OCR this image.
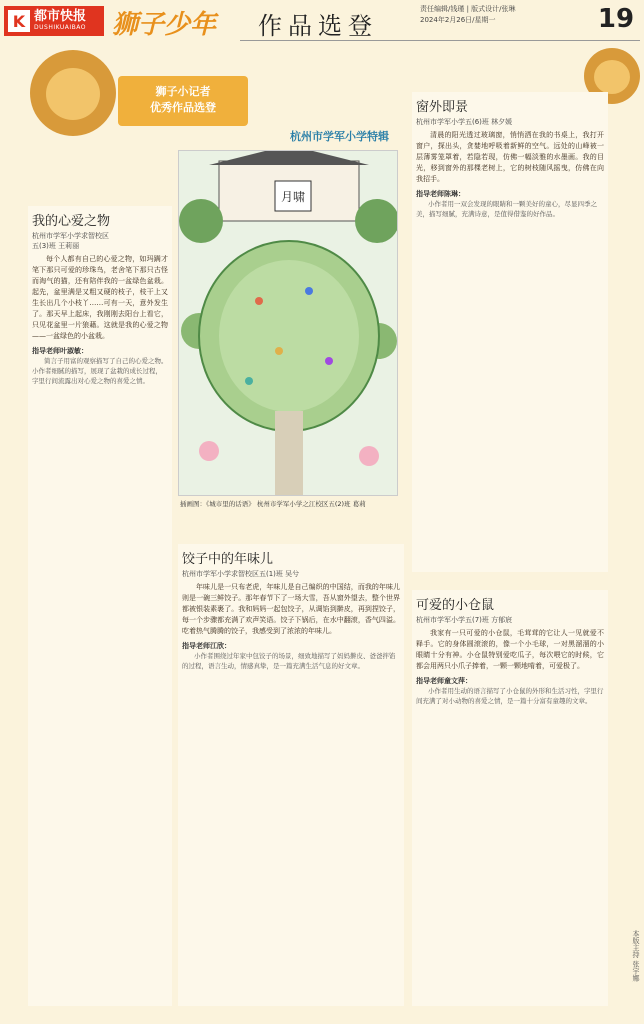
K 都市快报
DUSHIKUAIBAO 狮子少年 作品选登
责任编辑/钱瑾 | 版式设计/张琳
2024年2月26日/星期一	19
狮子小记者
优秀作品选登
杭州市学军小学特辑
我的心爱之物
杭州市学军小学求智校区
五(3)班 王莉丽

每个人都有自己的心爱之物，如玛蹒才笔下那只可爱的珍珠鸟，老舍笔下那只古怪而淘气的猫，还有陪伴我的一盆绿色盆栽。起先，盆里满是又粗又硬的枝子，枝干上又生长出几个小枝丫……可有一天，意外发生了。那天早上起床，我刚刚去阳台上看它，只见花盆里一片狼藉。这就是我的心爱之物——一盆绿色的小盆栽。

指导老师叶淑敏：

简言子用富的观察描写了自己的心爱之物。小作者细腻的描写，展现了盆栽的成长过程，字里行间流露出对心爱之物的喜爱之情。

月啸
插画图：《城市里的话语》 杭州市学军小学之江校区五(2)班 葛莉
饺子中的年味儿
杭州市学军小学求智校区五(1)班 吴兮

年味儿是一只布老虎，年味儿是自己编织的中国结，而我的年味儿则是一碗三鲜饺子。那年春节下了一场大雪，吾从窗外望去，整个世界都被银装素裹了。我和妈妈一起包饺子，从调馅到擀皮，再到捏饺子，每一个步骤都充满了欢声笑语。饺子下锅后，在水中翻滚，香气四溢。吃着热气腾腾的饺子，我感受到了浓浓的年味儿。

指导老师江欣：

小作者围绕过年家中包饺子的场景，细致地描写了妈妈擀皮、爸爸拌馅的过程，语言生动，情感真挚，是一篇充满生活气息的好文章。

窗外即景
杭州市学军小学五(6)班 林夕媛

清晨的阳光透过玻璃窗，悄悄洒在我的书桌上，我打开窗户，探出头，贪婪地呼吸着新鲜的空气。远处的山峰被一层薄雾笼罩着，若隐若现，仿佛一幅淡雅的水墨画。我的目光，移到窗外的那棵老树上，它的树枝随风摇曳，仿佛在向我招手。

指导老师陈琳：

小作者用一双会发现的眼睛和一颗美好的童心，尽显四季之美，描写细腻，充满诗意，是值得借鉴的好作品。

可爱的小仓鼠
杭州市学军小学五(7)班 方郁宸

我家有一只可爱的小仓鼠，毛茸茸的它让人一见就爱不释手。它的身体圆滚滚的，像一个小毛球，一对黑溜溜的小眼睛十分有神。小仓鼠特别爱吃瓜子，每次喂它的时候，它都会用两只小爪子捧着，一颗一颗地啃着，可爱极了。

指导老师童文萍：

小作者用生动的语言描写了小仓鼠的外形和生活习性，字里行间充满了对小动物的喜爱之情，是一篇十分富有童趣的文章。

本版主持 张宇娜
